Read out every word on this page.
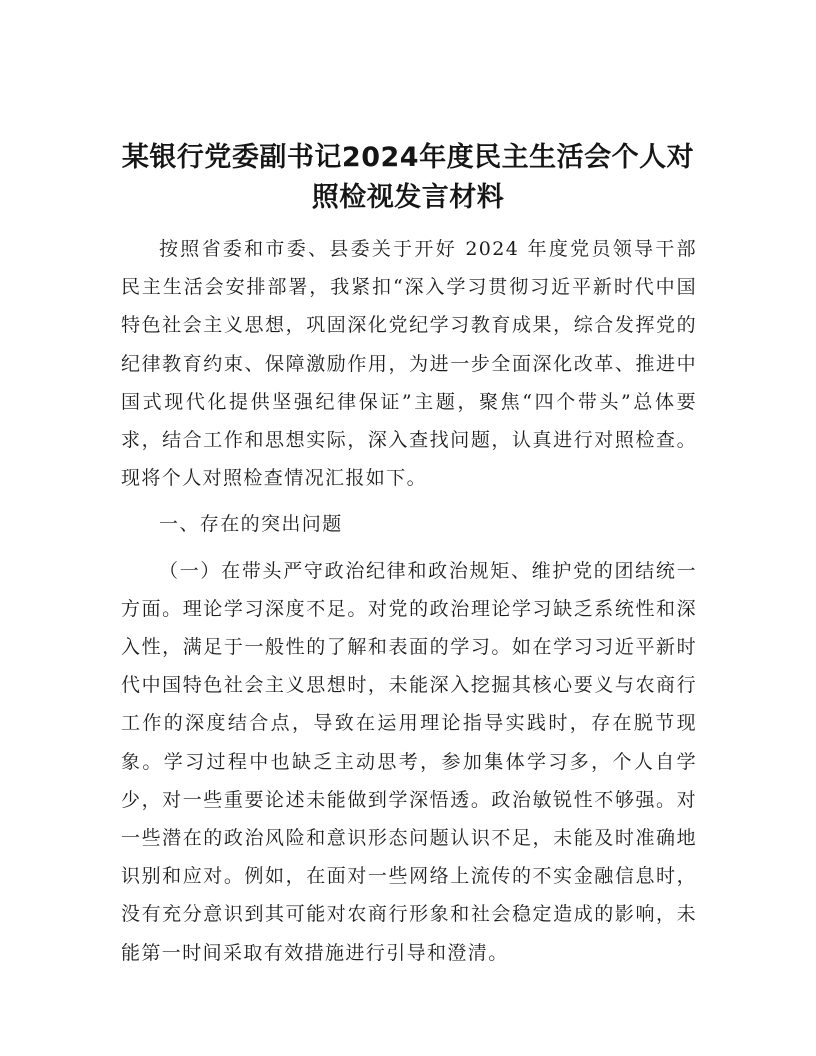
某银行党委副书记2024年度民主生活会个人对
照检视发言材料

按照省委和市委、县委关于开好 2024 年度党员领导干部民主生活会安排部署，我紧扣“深入学习贯彻习近平新时代中国特色社会主义思想，巩固深化党纪学习教育成果，综合发挥党的纪律教育约束、保障激励作用，为进一步全面深化改革、推进中国式现代化提供坚强纪律保证”主题，聚焦“四个带头”总体要求，结合工作和思想实际，深入查找问题，认真进行对照检查。现将个人对照检查情况汇报如下。

一、存在的突出问题

（一）在带头严守政治纪律和政治规矩、维护党的团结统一方面。理论学习深度不足。对党的政治理论学习缺乏系统性和深入性，满足于一般性的了解和表面的学习。如在学习习近平新时代中国特色社会主义思想时，未能深入挖掘其核心要义与农商行工作的深度结合点，导致在运用理论指导实践时，存在脱节现象。学习过程中也缺乏主动思考，参加集体学习多，个人自学少，对一些重要论述未能做到学深悟透。政治敏锐性不够强。对一些潜在的政治风险和意识形态问题认识不足，未能及时准确地识别和应对。例如，在面对一些网络上流传的不实金融信息时，没有充分意识到其可能对农商行形象和社会稳定造成的影响，未能第一时间采取有效措施进行引导和澄清。
